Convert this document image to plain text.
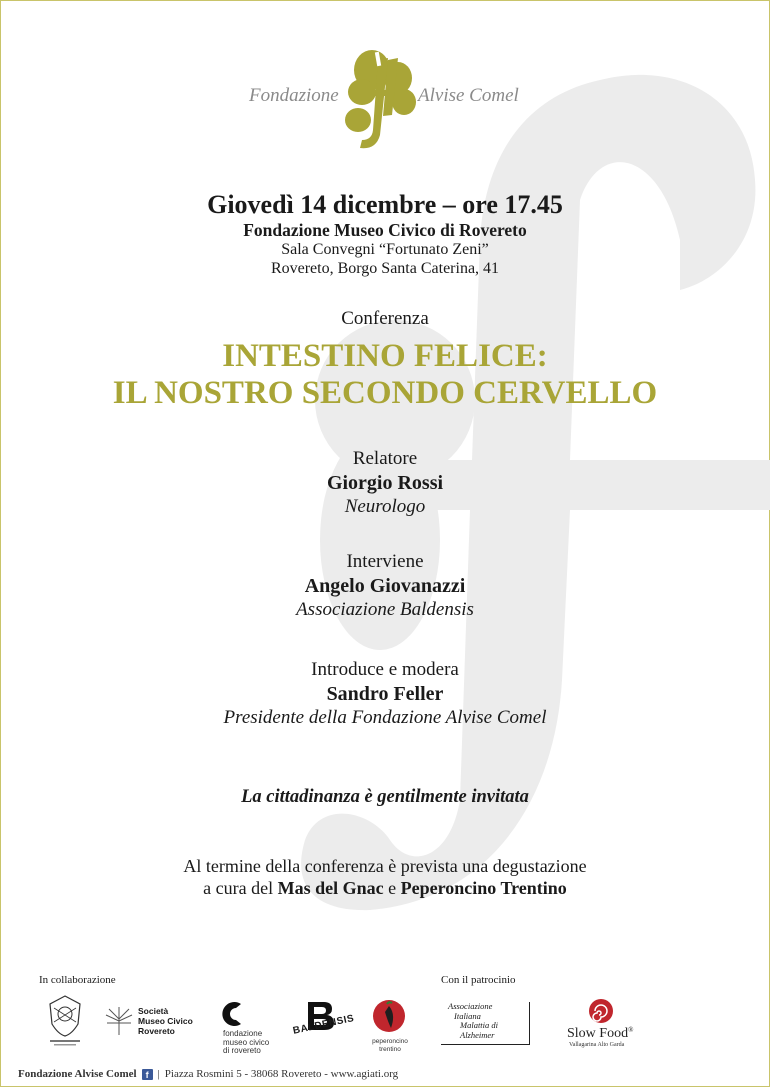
Fondazione	Alvise Comel
Giovedì 14 dicembre – ore 17.45
Fondazione Museo Civico di Rovereto
Sala Convegni “Fortunato Zeni”
Rovereto, Borgo Santa Caterina, 41
Conferenza
INTESTINO FELICE:
IL NOSTRO SECONDO CERVELLO
Relatore
Giorgio Rossi
Neurologo
Interviene
Angelo Giovanazzi
Associazione Baldensis
Introduce e modera
Sandro Feller
Presidente della Fondazione Alvise Comel
La cittadinanza è gentilmente invitata
Al termine della conferenza è prevista una degustazione
a cura del Mas del Gnac e Peperoncino Trentino
In collaborazione	Con il patrocinio
Società
Museo Civico
Rovereto	fondazione
museo civico
di rovereto
BALDENSIS
peperoncino
trentino
Associazione
Italiana
Malattia di
Alzheimer	Slow Food®
Vallagarina Alto Garda
Fondazione Alvise Comel	f | Piazza Rosmini 5 - 38068 Rovereto - www.agiati.org
